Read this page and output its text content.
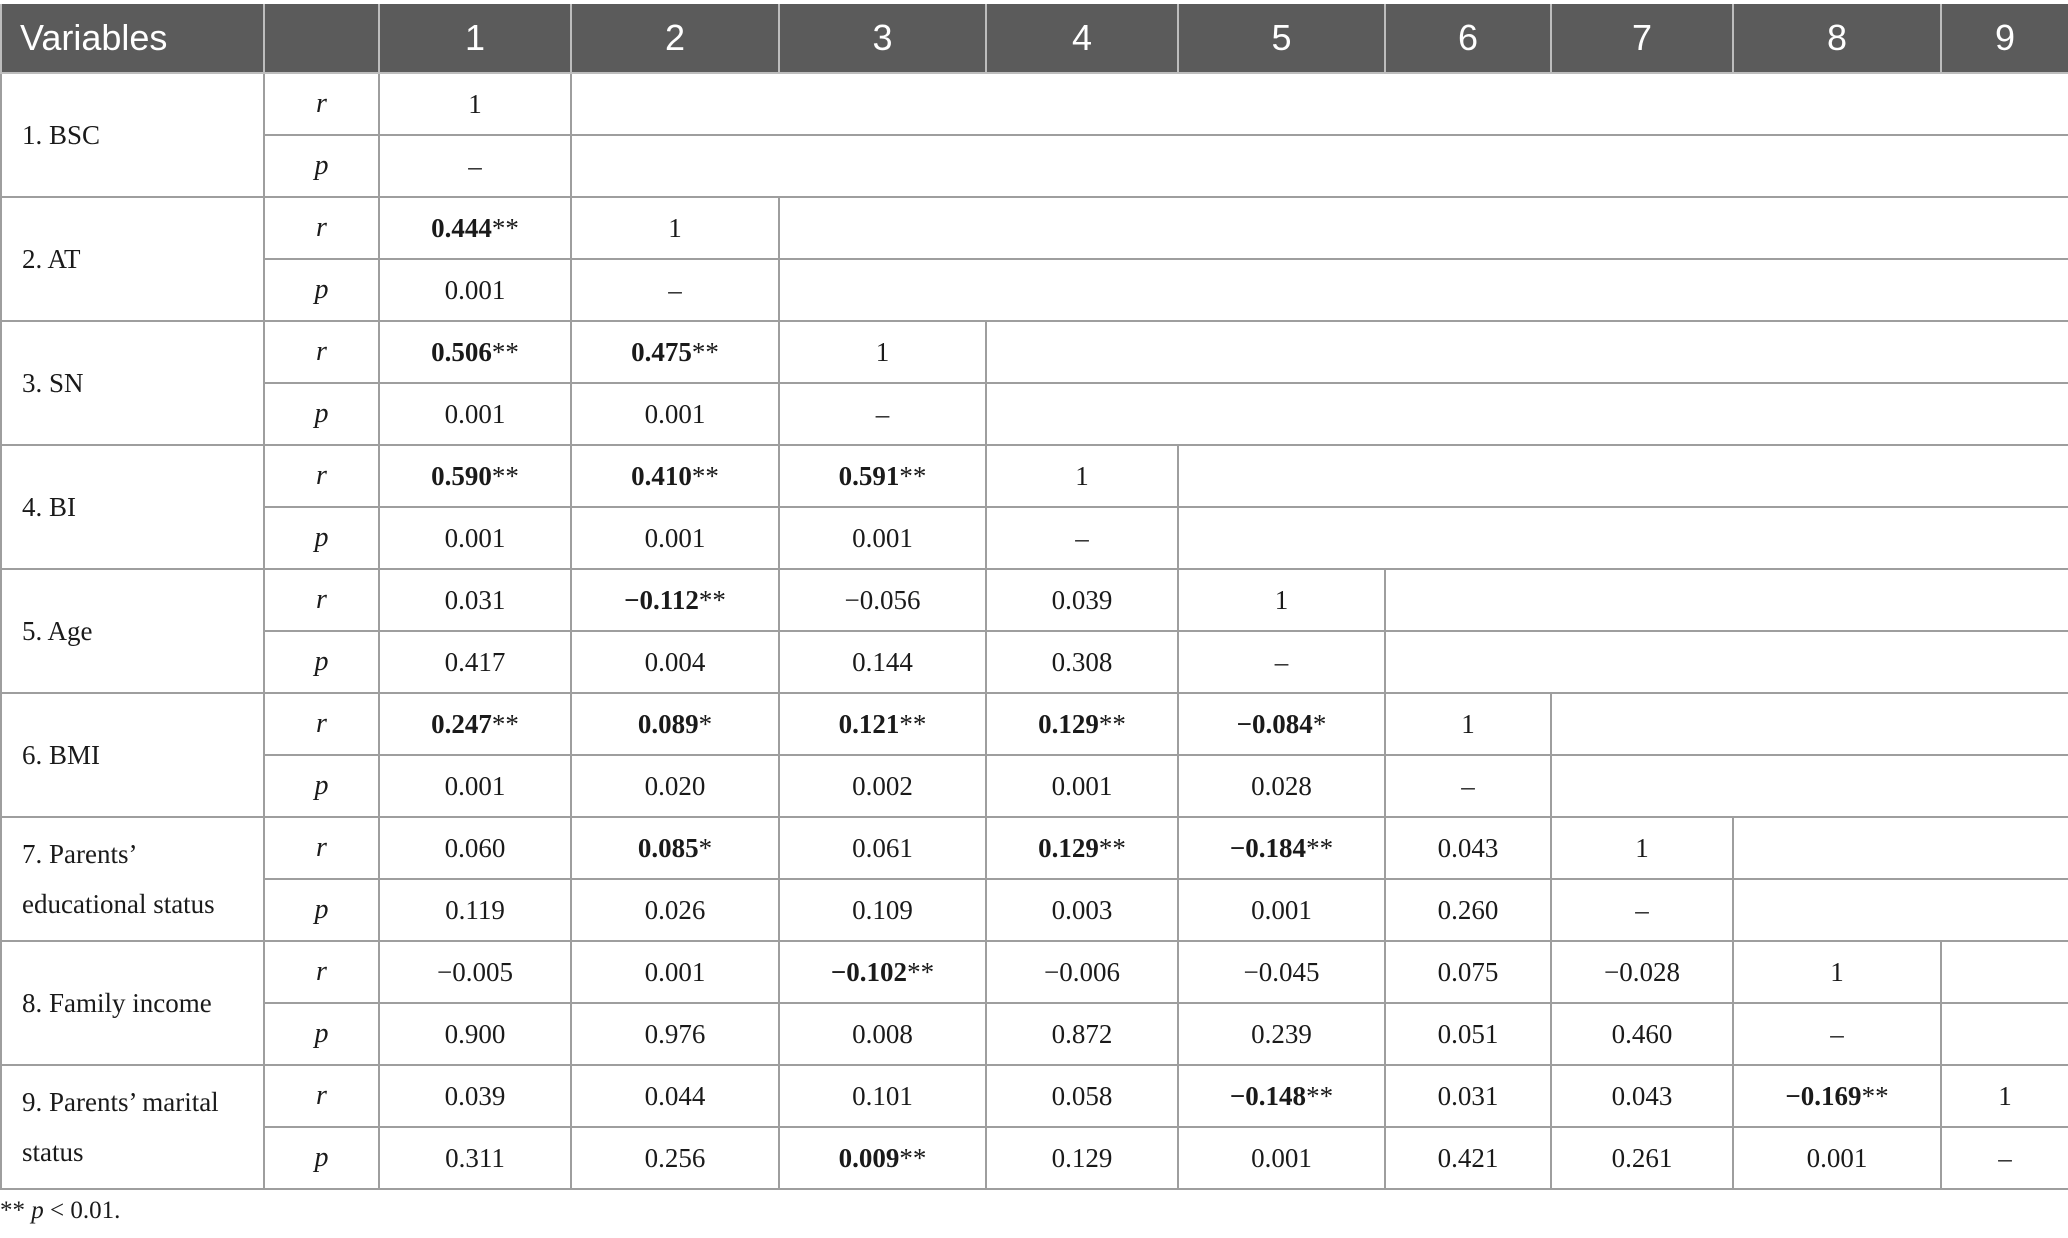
Variables		1	2	3	4	5	6	7	8	9
1. BSC	r	1								
	p	–								
2. AT	r	0.444**	1							
	p	0.001	–							
3. SN	r	0.506**	0.475**	1						
	p	0.001	0.001	–						
4. BI	r	0.590**	0.410**	0.591**	1					
	p	0.001	0.001	0.001	–					
5. Age	r	0.031	−0.112**	−0.056	0.039	1				
	p	0.417	0.004	0.144	0.308	–				
6. BMI	r	0.247**	0.089*	0.121**	0.129**	−0.084*	1			
	p	0.001	0.020	0.002	0.001	0.028	–			
7. Parents’ educational status	r	0.060	0.085*	0.061	0.129**	−0.184**	0.043	1		
	p	0.119	0.026	0.109	0.003	0.001	0.260	–		
8. Family income	r	−0.005	0.001	−0.102**	−0.006	−0.045	0.075	−0.028	1	
	p	0.900	0.976	0.008	0.872	0.239	0.051	0.460	–	
9. Parents’ marital status	r	0.039	0.044	0.101	0.058	−0.148**	0.031	0.043	−0.169**	1
	p	0.311	0.256	0.009**	0.129	0.001	0.421	0.261	0.001	–
** p < 0.01.
